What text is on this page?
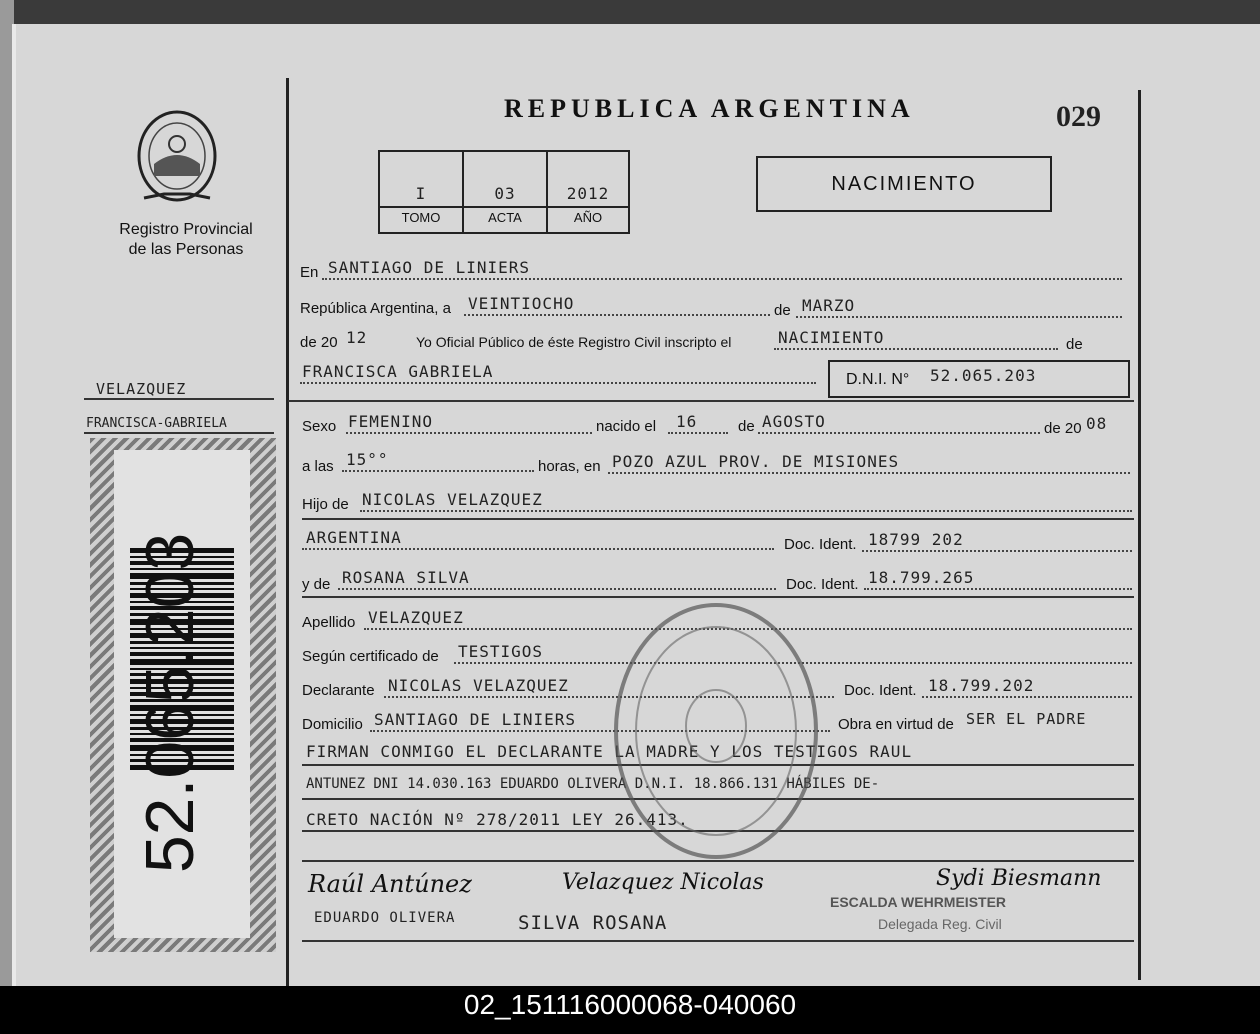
Registro Provincial
de las Personas
VELAZQUEZ
FRANCISCA-GABRIELA
52.065.203
REPUBLICA ARGENTINA	029
I	03	2012
TOMO	ACTA	AÑO
NACIMIENTO
En SANTIAGO DE LINIERS
República Argentina, a VEINTIOCHO	de MARZO
de 20 12	Yo Oficial Público de éste Registro Civil inscripto el	NACIMIENTO	de
FRANCISCA GABRIELA	D.N.I. N° 52.065.203
Sexo FEMENINO	nacido el 16	de AGOSTO	de 20 08
a las 15°°	horas, en POZO AZUL PROV. DE MISIONES
Hijo de NICOLAS VELAZQUEZ
ARGENTINA	Doc. Ident. 18799 202
y de ROSANA SILVA	Doc. Ident. 18.799.265
Apellido VELAZQUEZ
Según certificado de TESTIGOS
Declarante NICOLAS VELAZQUEZ	Doc. Ident. 18.799.202
Domicilio SANTIAGO DE LINIERS	Obra en virtud de SER EL PADRE
FIRMAN CONMIGO EL DECLARANTE LA MADRE Y LOS TESTIGOS RAUL
ANTUNEZ DNI 14.030.163 EDUARDO OLIVERA D.N.I. 18.866.131 HÁBILES DE-
CRETO NACIÓN Nº 278/2011 LEY 26.413.
Raúl Antúnez	Velazquez Nicolas	Sydi Biesmann
EDUARDO OLIVERA	SILVA ROSANA
ESCALDA WEHRMEISTER
Delegada Reg. Civil
02_151116000068-040060
